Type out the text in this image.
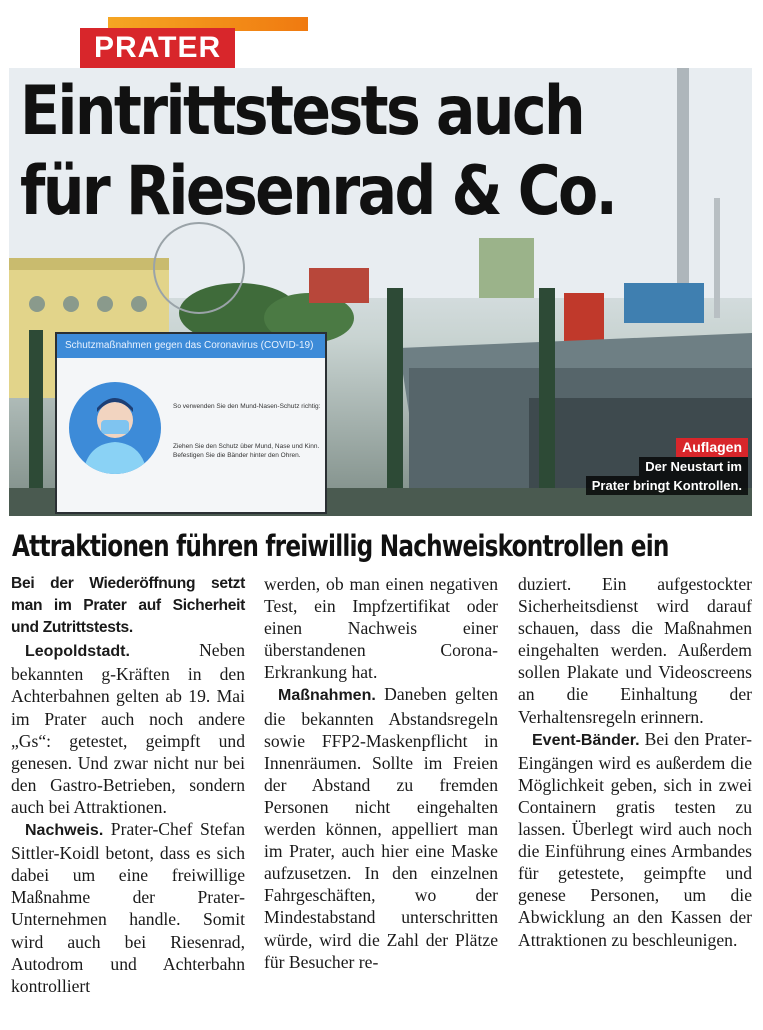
Schutzmaßnahmen gegen das Coronavirus (COVID-19)
So verwenden Sie den Mund-Nasen-Schutz richtig:
Ziehen Sie den Schutz über Mund, Nase und Kinn. Befestigen Sie die Bänder hinter den Ohren.
Auflagen
Der Neustart im
Prater bringt Kontrollen.
PRATER
Eintrittstests auch
für Riesenrad & Co.
Attraktionen führen freiwillig Nachweiskontrollen ein

Bei der Wiederöffnung setzt man im Prater auf Sicherheit und Zutrittstests.

Leopoldstadt. Neben bekannten g-Kräften in den Achterbahnen gelten ab 19. Mai im Prater auch noch andere „Gs“: getestet, geimpft und genesen. Und zwar nicht nur bei den Gastro-Betrieben, sondern auch bei Attraktionen.

Nachweis. Prater-Chef Stefan Sittler-Koidl betont, dass es sich dabei um eine freiwillige Maßnahme der Prater-Unternehmen handle. Somit wird auch bei Riesenrad, Autodrom und Achterbahn kontrolliert

werden, ob man einen negativen Test, ein Impfzertifikat oder einen Nachweis einer überstandenen Corona-Erkrankung hat.

Maßnahmen. Daneben gelten die bekannten Abstandsregeln sowie FFP2-Maskenpflicht in Innenräumen. Sollte im Freien der Abstand zu fremden Personen nicht eingehalten werden können, appelliert man im Prater, auch hier eine Maske aufzusetzen. In den einzelnen Fahrgeschäften, wo der Mindestabstand unterschritten würde, wird die Zahl der Plätze für Besucher re-

duziert. Ein aufgestockter Sicherheitsdienst wird darauf schauen, dass die Maßnahmen eingehalten werden. Außerdem sollen Plakate und Videoscreens an die Einhaltung der Verhaltensregeln erinnern.

Event-Bänder. Bei den Prater-Eingängen wird es außerdem die Möglichkeit geben, sich in zwei Containern gratis testen zu lassen. Überlegt wird auch noch die Einführung eines Armbandes für getestete, geimpfte und genese Personen, um die Abwicklung an den Kassen der Attraktionen zu beschleunigen.
